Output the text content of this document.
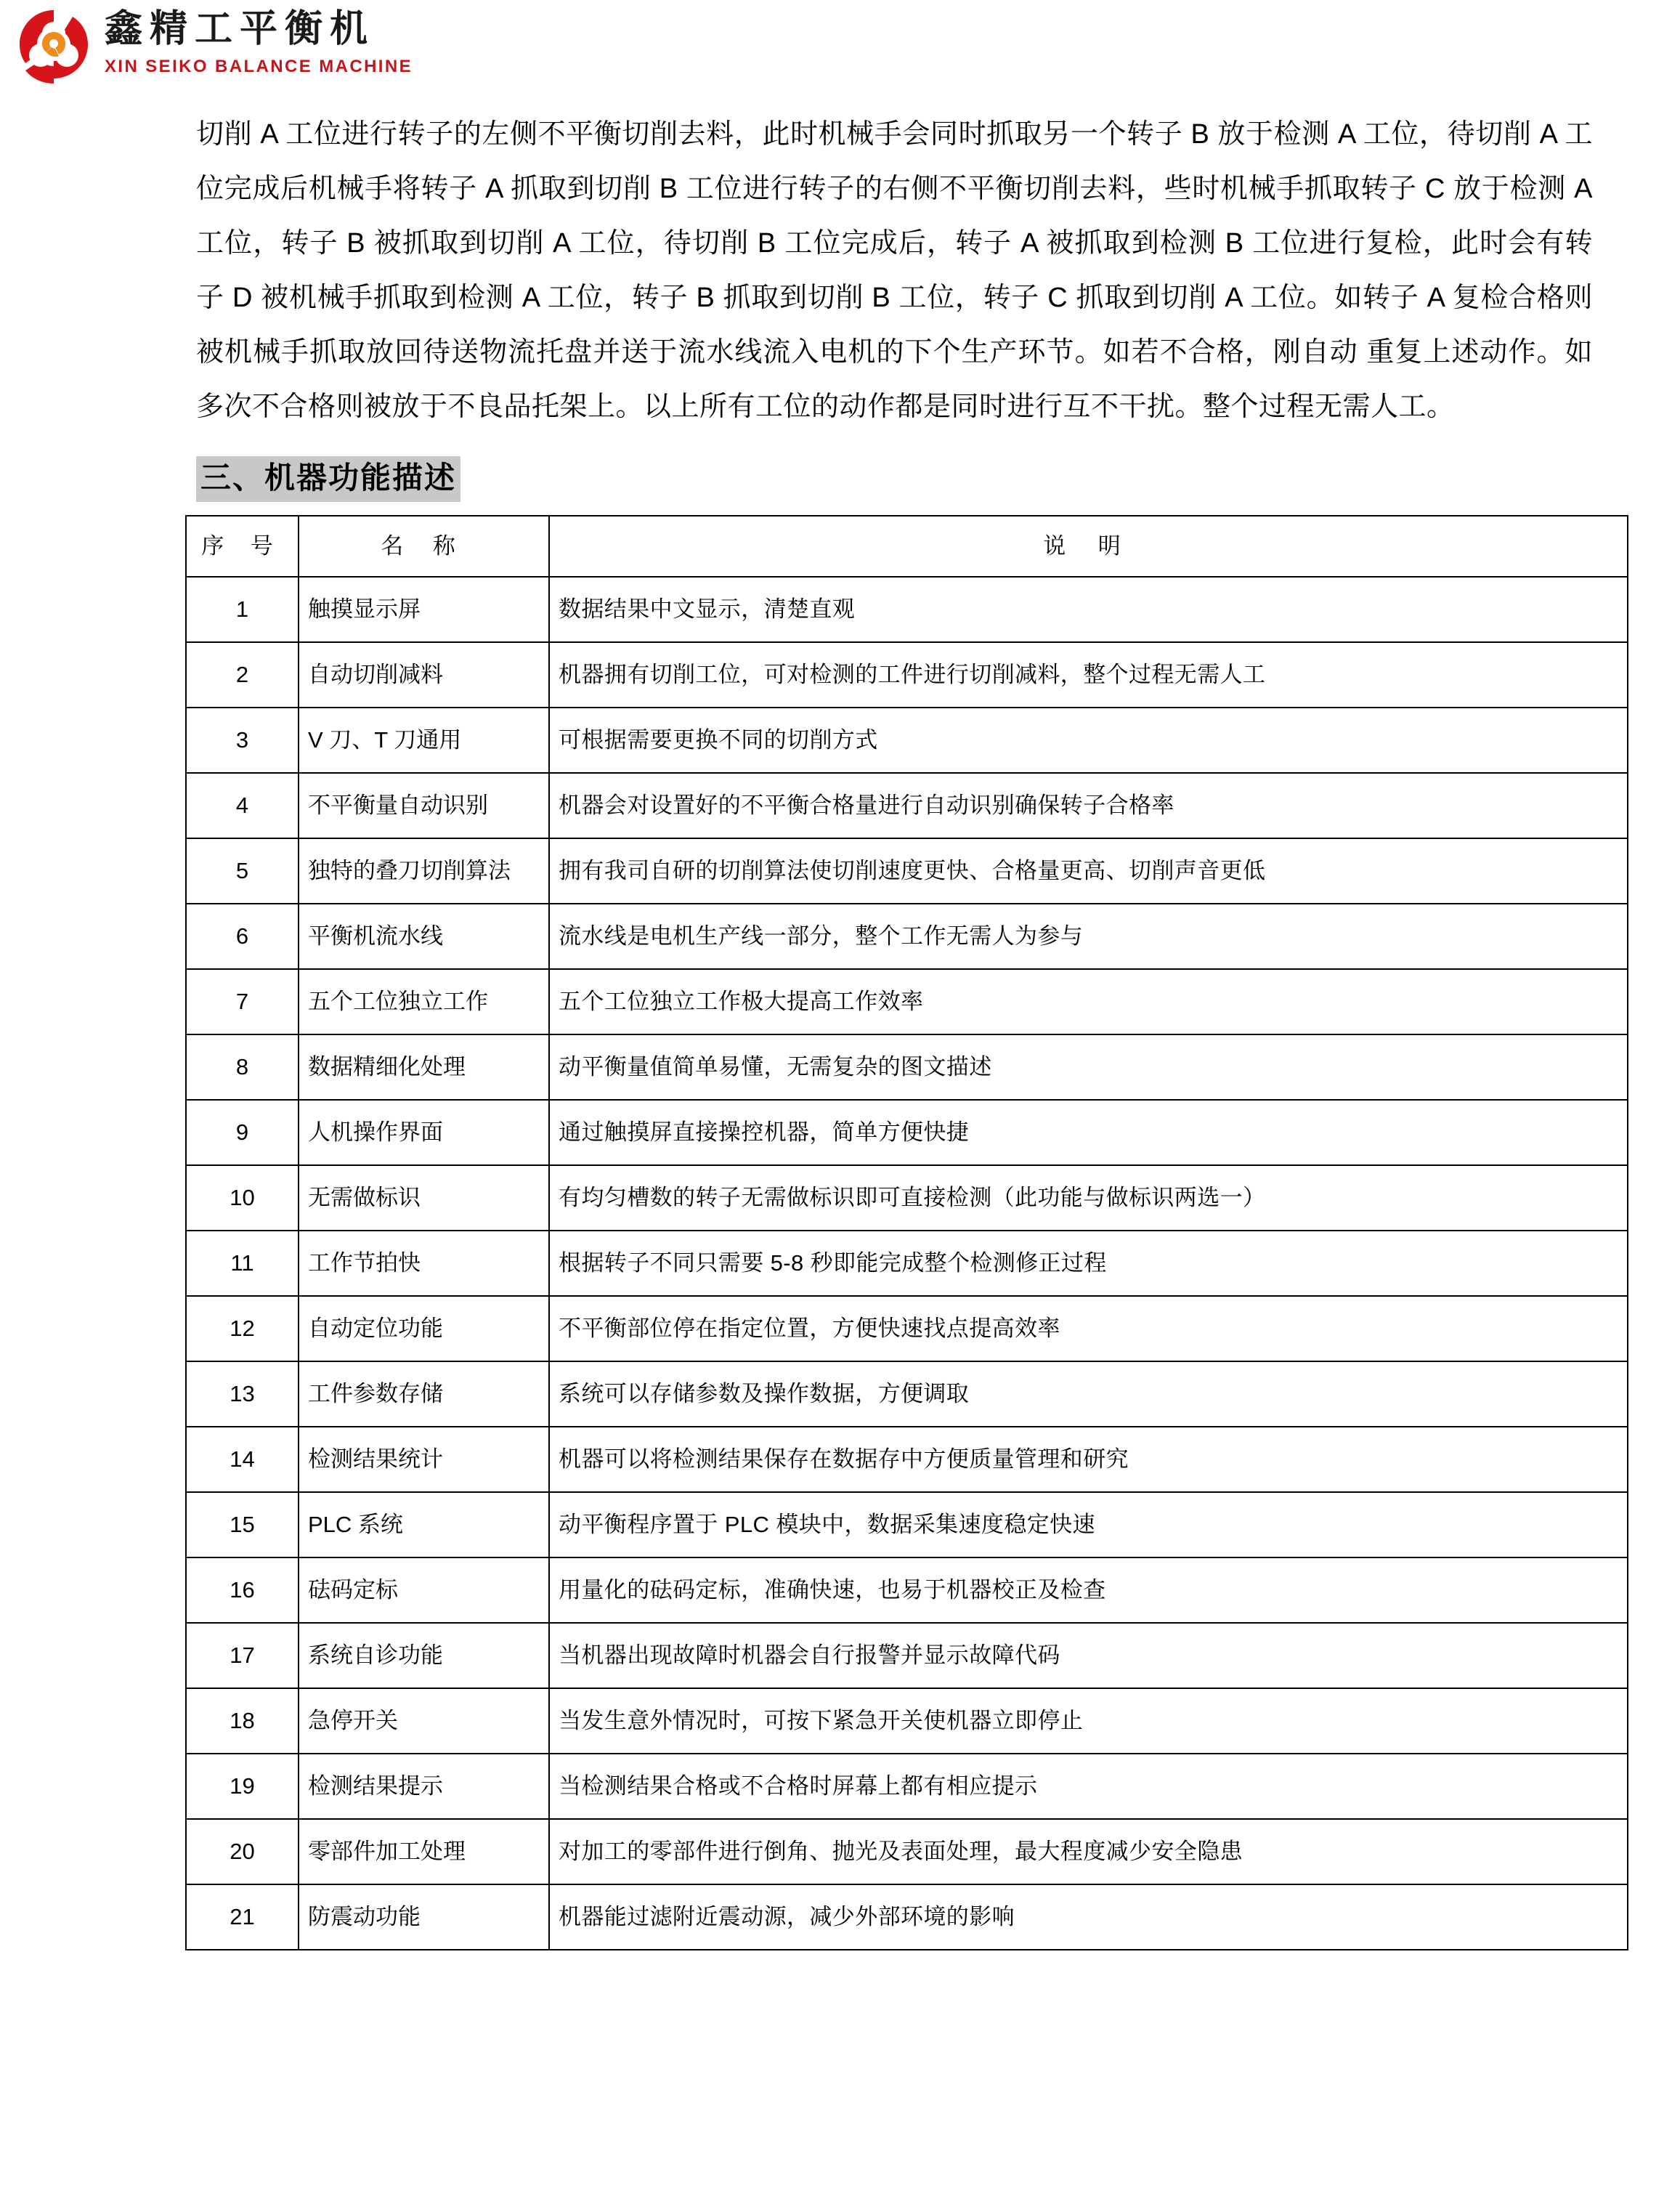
鑫精工平衡机
XIN SEIKO BALANCE MACHINE

切削 A 工位进行转子的左侧不平衡切削去料，此时机械手会同时抓取另一个转子 B 放于检测 A 工位，待切削 A 工位完成后机械手将转子 A 抓取到切削 B 工位进行转子的右侧不平衡切削去料，些时机械手抓取转子 C 放于检测 A 工位，转子 B 被抓取到切削 A 工位，待切削 B 工位完成后，转子 A 被抓取到检测 B 工位进行复检，此时会有转子 D 被机械手抓取到检测 A 工位，转子 B 抓取到切削 B 工位，转子 C 抓取到切削 A 工位。如转子 A 复检合格则被机械手抓取放回待送物流托盘并送于流水线流入电机的下个生产环节。如若不合格，刚自动 重复上述动作。如多次不合格则被放于不良品托架上。以上所有工位的动作都是同时进行互不干扰。整个过程无需人工。

三、机器功能描述
序 号	名 称	说 明
1	触摸显示屏	数据结果中文显示，清楚直观
2	自动切削减料	机器拥有切削工位，可对检测的工件进行切削减料，整个过程无需人工
3	V 刀、T 刀通用	可根据需要更换不同的切削方式
4	不平衡量自动识别	机器会对设置好的不平衡合格量进行自动识别确保转子合格率
5	独特的叠刀切削算法	拥有我司自研的切削算法使切削速度更快、合格量更高、切削声音更低
6	平衡机流水线	流水线是电机生产线一部分，整个工作无需人为参与
7	五个工位独立工作	五个工位独立工作极大提高工作效率
8	数据精细化处理	动平衡量值简单易懂，无需复杂的图文描述
9	人机操作界面	通过触摸屏直接操控机器，简单方便快捷
10	无需做标识	有均匀槽数的转子无需做标识即可直接检测（此功能与做标识两选一）
11	工作节拍快	根据转子不同只需要 5-8 秒即能完成整个检测修正过程
12	自动定位功能	不平衡部位停在指定位置，方便快速找点提高效率
13	工件参数存储	系统可以存储参数及操作数据，方便调取
14	检测结果统计	机器可以将检测结果保存在数据存中方便质量管理和研究
15	PLC 系统	动平衡程序置于 PLC 模块中，数据采集速度稳定快速
16	砝码定标	用量化的砝码定标，准确快速，也易于机器校正及检查
17	系统自诊功能	当机器出现故障时机器会自行报警并显示故障代码
18	急停开关	当发生意外情况时，可按下紧急开关使机器立即停止
19	检测结果提示	当检测结果合格或不合格时屏幕上都有相应提示
20	零部件加工处理	对加工的零部件进行倒角、抛光及表面处理，最大程度减少安全隐患
21	防震动功能	机器能过滤附近震动源，减少外部环境的影响
